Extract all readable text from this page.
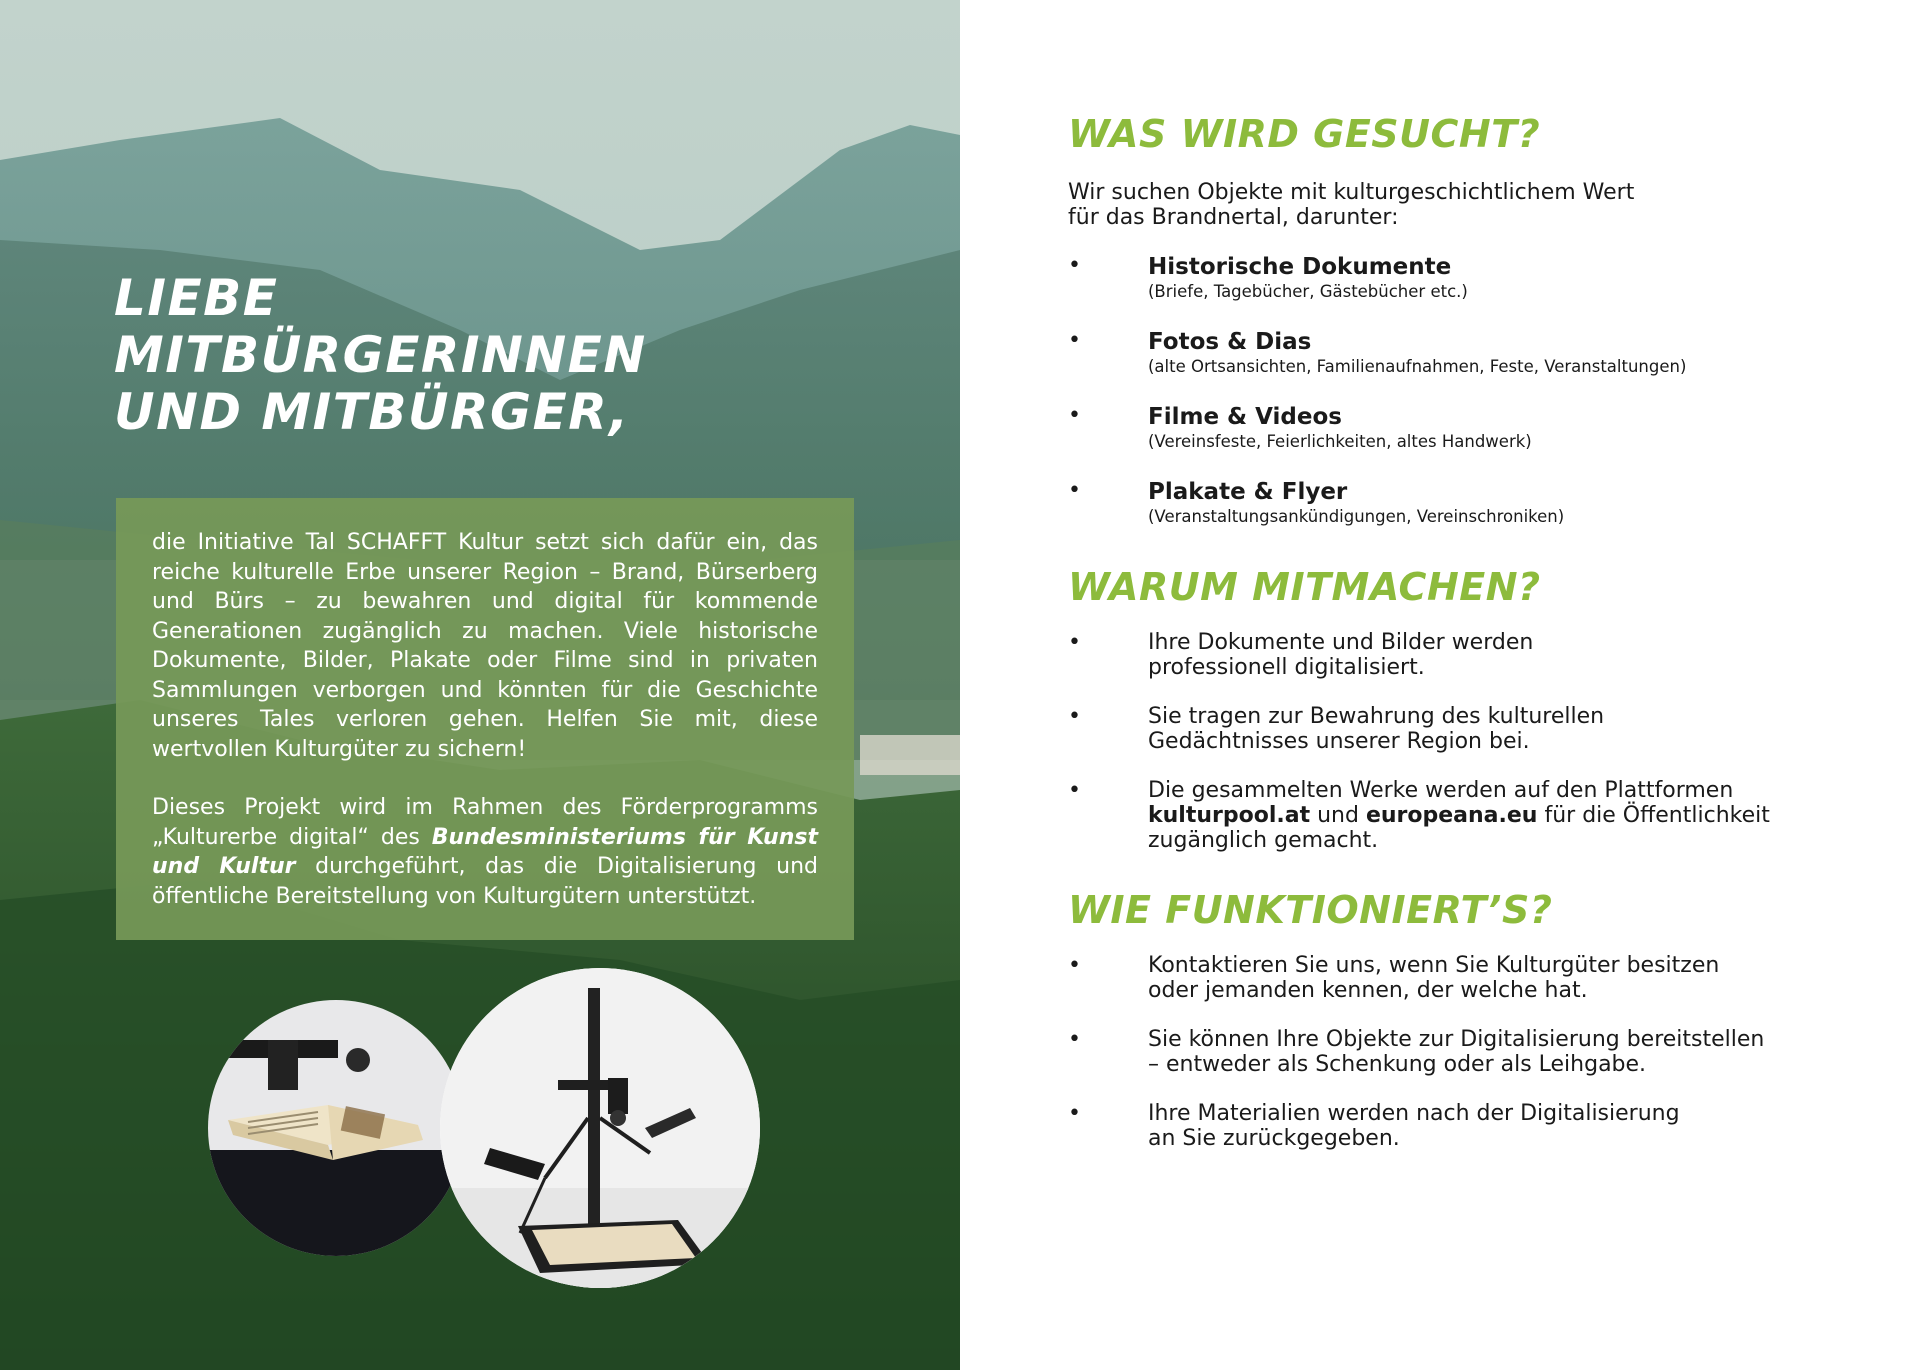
LIEBE
MITBÜRGERINNEN
UND MITBÜRGER,

die Initiative Tal SCHAFFT Kultur setzt sich dafür ein, das reiche kulturelle Erbe unserer Region – Brand, Bürserberg und Bürs – zu bewahren und digital für kommende Generationen zugänglich zu machen. Viele historische Dokumente, Bilder, Plakate oder Filme sind in privaten Sammlungen verborgen und könnten für die Geschichte unseres Tales verloren gehen. Helfen Sie mit, diese wertvollen Kulturgüter zu sichern!

Dieses Projekt wird im Rahmen des Förderprogramms „Kulturerbe digital“ des Bundesministeriums für Kunst und Kultur durchgeführt, das die Digitalisierung und öffentliche Bereitstellung von Kulturgütern unterstützt.

WAS WIRD GESUCHT?

Wir suchen Objekte mit kulturgeschichtlichem Wert
für das Brandnertal, darunter:

•	Historische Dokumente
(Briefe, Tagebücher, Gästebücher etc.)
•	Fotos & Dias
(alte Ortsansichten, Familienaufnahmen, Feste, Veranstaltungen)
•	Filme & Videos
(Vereinsfeste, Feierlichkeiten, altes Handwerk)
•	Plakate & Flyer
(Veranstaltungsankündigungen, Vereinschroniken)
WARUM MITMACHEN?
•	Ihre Dokumente und Bilder werden
professionell digitalisiert.
•	Sie tragen zur Bewahrung des kulturellen
Gedächtnisses unserer Region bei.
•	Die gesammelten Werke werden auf den Plattformen
kulturpool.at und europeana.eu für die Öffentlichkeit
zugänglich gemacht.
WIE FUNKTIONIERT’S?
•	Kontaktieren Sie uns, wenn Sie Kulturgüter besitzen
oder jemanden kennen, der welche hat.
•	Sie können Ihre Objekte zur Digitalisierung bereitstellen
– entweder als Schenkung oder als Leihgabe.
•	Ihre Materialien werden nach der Digitalisierung
an Sie zurückgegeben.
